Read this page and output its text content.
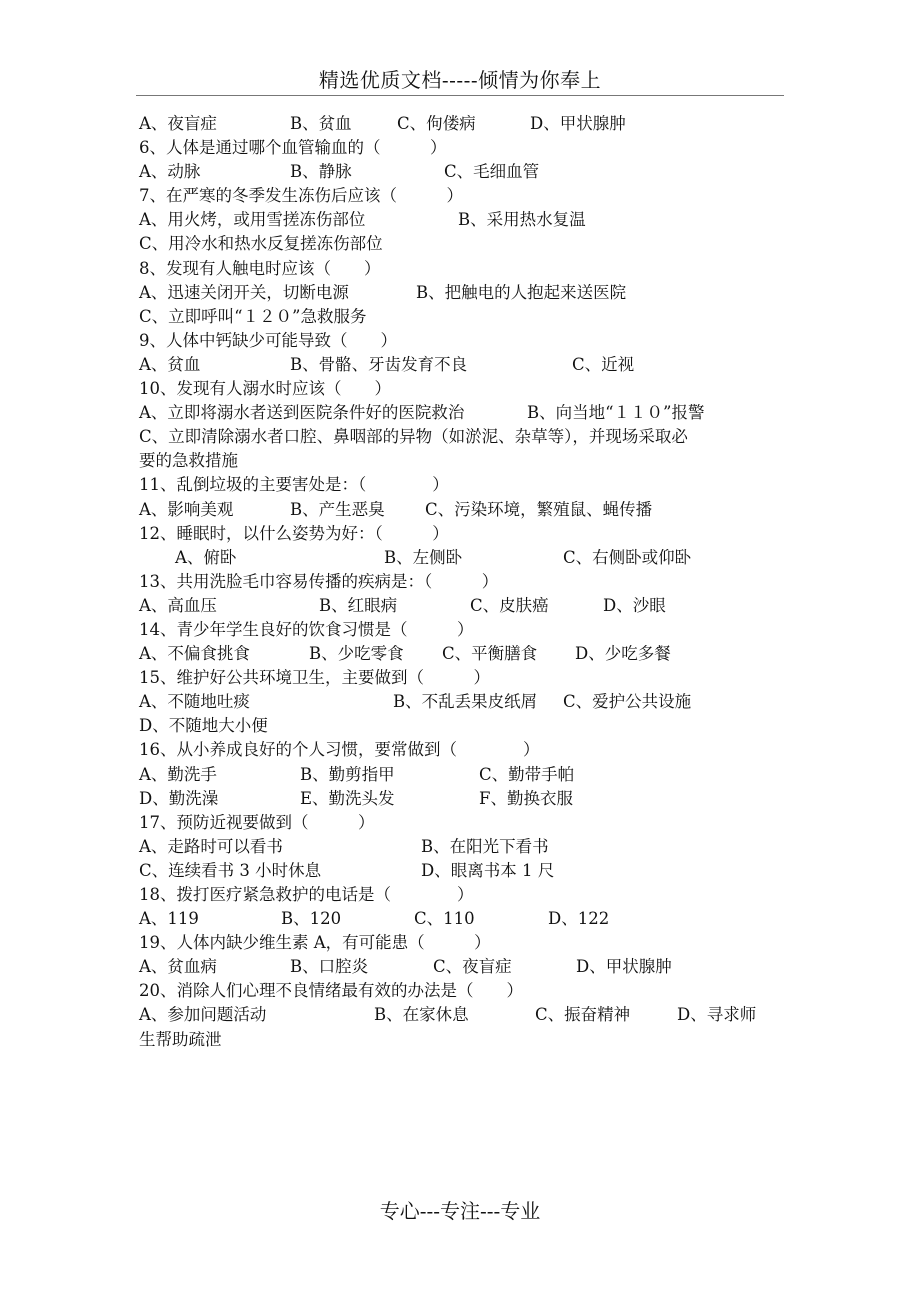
精选优质文档-----倾情为你奉上
A、夜盲症	B、贫血	C、佝偻病	D、甲状腺肿
6、人体是通过哪个血管输血的（　　　）
A、动脉	B、静脉	C、毛细血管
7、在严寒的冬季发生冻伤后应该（　　　）
A、用火烤，或用雪搓冻伤部位	B、采用热水复温
C、用冷水和热水反复搓冻伤部位
8、发现有人触电时应该（　　）
A、迅速关闭开关，切断电源	B、把触电的人抱起来送医院
C、立即呼叫“１２０”急救服务
9、人体中钙缺少可能导致（　　）
A、贫血	B、骨骼、牙齿发育不良	C、近视
10、发现有人溺水时应该（　　）
A、立即将溺水者送到医院条件好的医院救治	B、向当地“１１０”报警
C、立即清除溺水者口腔、鼻咽部的异物（如淤泥、杂草等），并现场采取必
要的急救措施
11、乱倒垃圾的主要害处是：（　　　　）
A、影响美观	B、产生恶臭 C、污染环境，繁殖鼠、蝇传播
12、睡眠时，以什么姿势为好：（　　　）
A、俯卧	B、左侧卧	C、右侧卧或仰卧
13、共用洗脸毛巾容易传播的疾病是：（　　　）
A、高血压	B、红眼病	C、皮肤癌	D、沙眼
14、青少年学生良好的饮食习惯是（　　　）
A、不偏食挑食	B、少吃零食 C、平衡膳食 D、少吃多餐
15、维护好公共环境卫生，主要做到（　　　）
A、不随地吐痰	B、不乱丢果皮纸屑 C、爱护公共设施
D、不随地大小便
16、从小养成良好的个人习惯，要常做到（　　　　）
A、勤洗手	B、勤剪指甲	C、勤带手帕
D、勤洗澡	E、勤洗头发	F、勤换衣服
17、预防近视要做到（　　　）
A、走路时可以看书	B、在阳光下看书
C、连续看书 3 小时休息	D、眼离书本 1 尺
18、拨打医疗紧急救护的电话是（　　　　）
A、119	B、120	C、110	D、122
19、人体内缺少维生素 A，有可能患（　　　）
A、贫血病	B、口腔炎	C、夜盲症	D、甲状腺肿
20、消除人们心理不良情绪最有效的办法是（　　）
A、参加问题活动	B、在家休息	C、振奋精神	D、寻求师
生帮助疏泄
专心---专注---专业
